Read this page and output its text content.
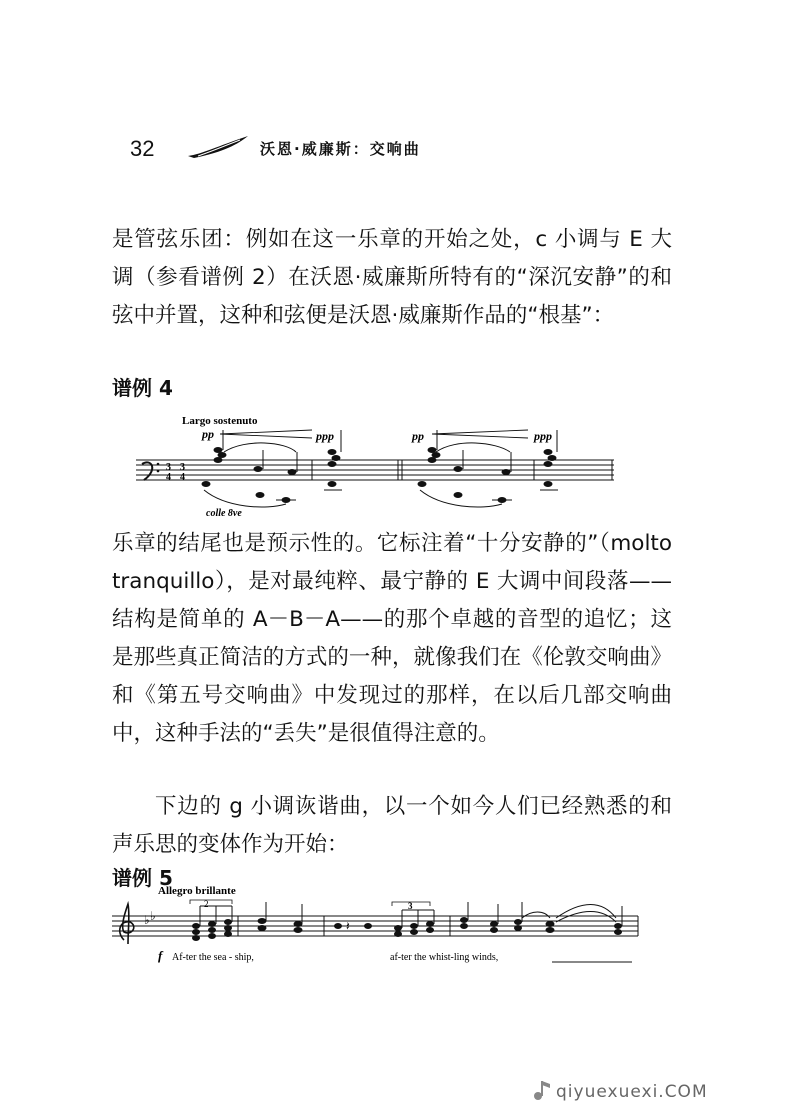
32	沃恩·威廉斯：交响曲

是管弦乐团：例如在这一乐章的开始之处，c 小调与 E 大调（参看谱例 2）在沃恩·威廉斯所特有的“深沉安静”的和弦中并置，这种和弦便是沃恩·威廉斯作品的“根基”：

谱例 4
Largo sostenuto
pp	ppp	pp	ppp
3
4
3
4
colle 8ve

乐章的结尾也是预示性的。它标注着“十分安静的”（molto tranquillo），是对最纯粹、最宁静的 E 大调中间段落——结构是简单的 A－B－A——的那个卓越的音型的追忆；这是那些真正简洁的方式的一种，就像我们在《伦敦交响曲》和《第五号交响曲》中发现过的那样，在以后几部交响曲中，这种手法的“丢失”是很值得注意的。

下边的 g 小调诙谐曲，以一个如今人们已经熟悉的和声乐思的变体作为开始：

谱例 5
Allegro brillante
2	3
♭ ♭
𝄽
f Af-ter the sea - ship,	af-ter the whist-ling winds,
qiyuexuexi.COM
